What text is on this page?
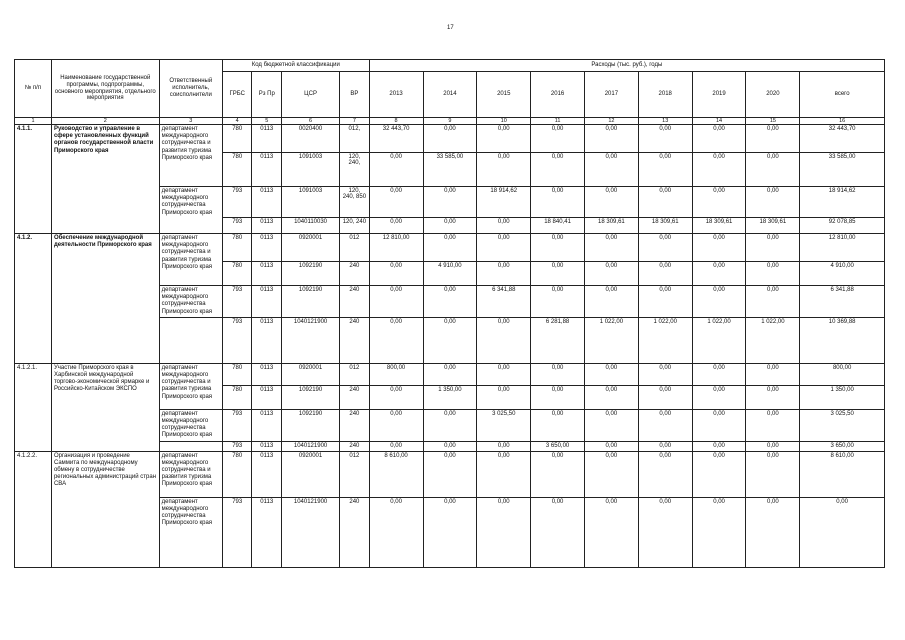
17
№ п/п	Наименование государственной программы, подпрограммы, основного мероприятия, отдельного мероприятия	Ответственный исполнитель, соисполнители	Код бюджетной классификации				Расходы (тыс. руб.), годы								
			ГРБС	Рз Пр	ЦСР	ВР	2013	2014	2015	2016	2017	2018	2019	2020	всего
1	2	3	4	5	6	7	8	9	10	11	12	13	14	15	16
4.1.1.	Руководство и управление в сфере установленных функций органов государственной власти Приморского края	департамент международного сотрудничества и развития туризма Приморского края	780	0113	0020400	012,	32 443,70	0,00	0,00	0,00	0,00	0,00	0,00	0,00	32 443,70
			780	0113	1091003	120, 240,	0,00	33 585,00	0,00	0,00	0,00	0,00	0,00	0,00	33 585,00
		департамент международного сотрудничества Приморского края	793	0113	1091003	120, 240, 850	0,00	0,00	18 914,62	0,00	0,00	0,00	0,00	0,00	18 914,62
			793	0113	1040110030	120, 240	0,00	0,00	0,00	18 840,41	18 309,61	18 309,61	18 309,61	18 309,61	92 078,85
4.1.2.	Обеспечение международной деятельности Приморского края	департамент международного сотрудничества и развития туризма Приморского края	780	0113	0920001	012	12 810,00	0,00	0,00	0,00	0,00	0,00	0,00	0,00	12 810,00
			780	0113	1092190	240	0,00	4 910,00	0,00	0,00	0,00	0,00	0,00	0,00	4 910,00
		департамент международного сотрудничества Приморского края	793	0113	1092190	240	0,00	0,00	6 341,88	0,00	0,00	0,00	0,00	0,00	6 341,88
			793	0113	1040121900	240	0,00	0,00	0,00	6 281,88	1 022,00	1 022,00	1 022,00	1 022,00	10 369,88
4.1.2.1.	Участие Приморского края в Харбинской международной торгово-экономической ярмарке и Российско-Китайском ЭКСПО	департамент международного сотрудничества и развития туризма Приморского края	780	0113	0920001	012	800,00	0,00	0,00	0,00	0,00	0,00	0,00	0,00	800,00
			780	0113	1092190	240	0,00	1 350,00	0,00	0,00	0,00	0,00	0,00	0,00	1 350,00
		департамент международного сотрудничества Приморского края	793	0113	1092190	240	0,00	0,00	3 025,50	0,00	0,00	0,00	0,00	0,00	3 025,50
			793	0113	1040121900	240	0,00	0,00	0,00	3 650,00	0,00	0,00	0,00	0,00	3 650,00
4.1.2.2.	Организация и проведение Саммита по международному обмену в сотрудничестве региональных администраций стран СВА	департамент международного сотрудничества и развития туризма Приморского края	780	0113	0920001	012	8 610,00	0,00	0,00	0,00	0,00	0,00	0,00	0,00	8 610,00
		департамент международного сотрудничества Приморского края	793	0113	1040121900	240	0,00	0,00	0,00	0,00	0,00	0,00	0,00	0,00	0,00
